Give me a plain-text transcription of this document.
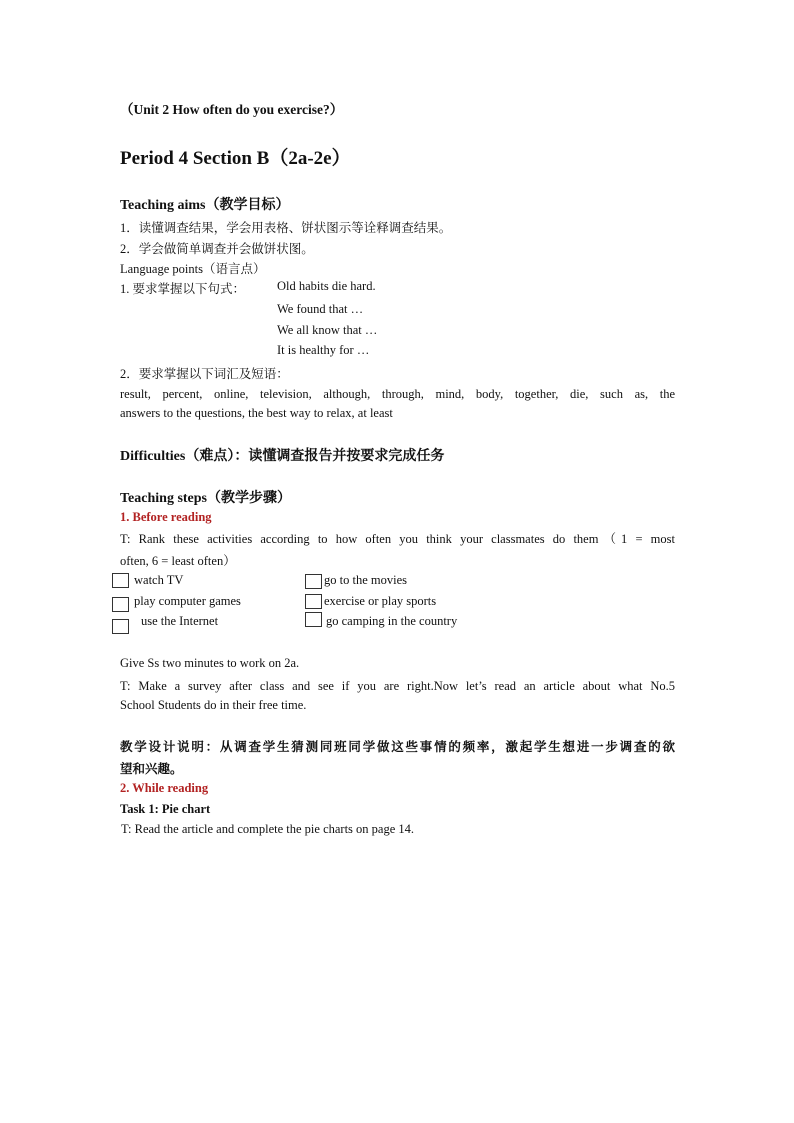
（Unit 2 How often do you exercise?）
Period 4 Section B（2a-2e）
Teaching aims（教学目标）
1．读懂调查结果，学会用表格、饼状图示等诠释调查结果。
2．学会做简单调查并会做饼状图。
Language points（语言点）
1. 要求掌握以下句式：	Old habits die hard.
We found that …
We all know that …
It is healthy for …
2．要求掌握以下词汇及短语：
result, percent, online, television, although, through, mind, body, together, die, such as, the
answers to the questions, the best way to relax, at least
Difficulties（难点）：读懂调查报告并按要求完成任务
Teaching steps（教学步骤）
1. Before reading
T: Rank these activities according to how often you think your classmates do them（1 = most
often, 6 = least often）
watch TV	go to the movies
play computer games	exercise or play sports
use the Internet	go camping in the country
Give Ss two minutes to work on 2a.
T: Make a survey after class and see if you are right.Now let’s read an article about what No.5
School Students do in their free time.
教学设计说明：从调查学生猜测同班同学做这些事情的频率，激起学生想进一步调查的欲
望和兴趣。
2. While reading
Task 1: Pie chart
T: Read the article and complete the pie charts on page 14.
